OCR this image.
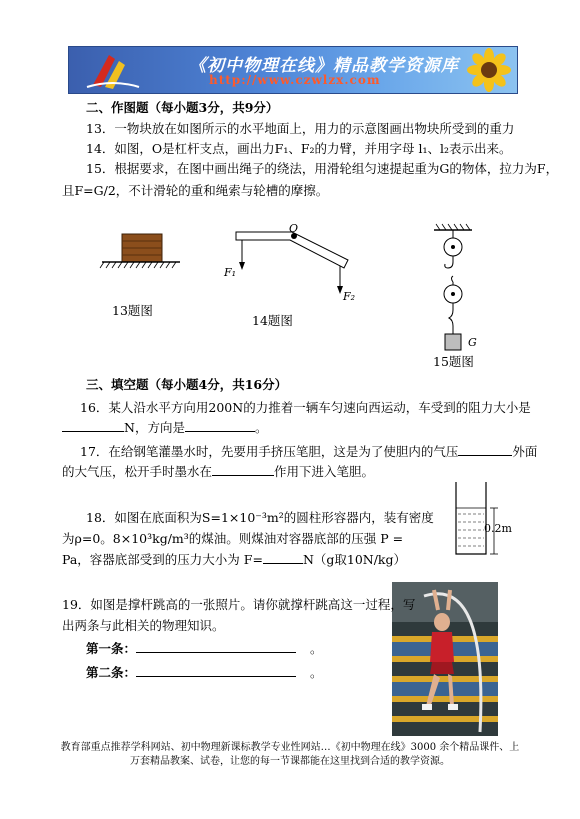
《初中物理在线》精品教学资源库
http://www.czwlzx.com
二、作图题（每小题3分，共9分）
13．一物块放在如图所示的水平地面上，用力的示意图画出物块所受到的重力
14．如图，O是杠杆支点，画出力F₁、F₂的力臂，并用字母 l₁、l₂表示出来。
15．根据要求，在图中画出绳子的绕法，用滑轮组匀速提起重为G的物体，拉力为F，
且F=G/2，不计滑轮的重和绳索与轮槽的摩擦。
13题图
O
F₁
F₂
14题图
G
15题图
三、填空题（每小题4分，共16分）
16．某人沿水平方向用200N的力推着一辆车匀速向西运动，车受到的阻力大小是
N，方向是	。
17．在给钢笔灌墨水时，先要用手挤压笔胆，这是为了使胆内的气压	外面
的大气压，松开手时墨水在	作用下进入笔胆。
0.2m
18．如图在底面积为S=1×10⁻³m²的圆柱形容器内，装有密度
为ρ=0。8×10³kg/m³的煤油。则煤油对容器底部的压强 P =
Pa，容器底部受到的压力大小为 F=	N（g取10N/kg）
19．如图是撑杆跳高的一张照片。请你就撑杆跳高这一过程，写
出两条与此相关的物理知识。
第一条：	。
第二条：	。
教育部重点推荐学科网站、初中物理新课标教学专业性网站…《初中物理在线》3000 余个精品课件、上
万套精品教案、试卷，让您的每一节课都能在这里找到合适的教学资源。
